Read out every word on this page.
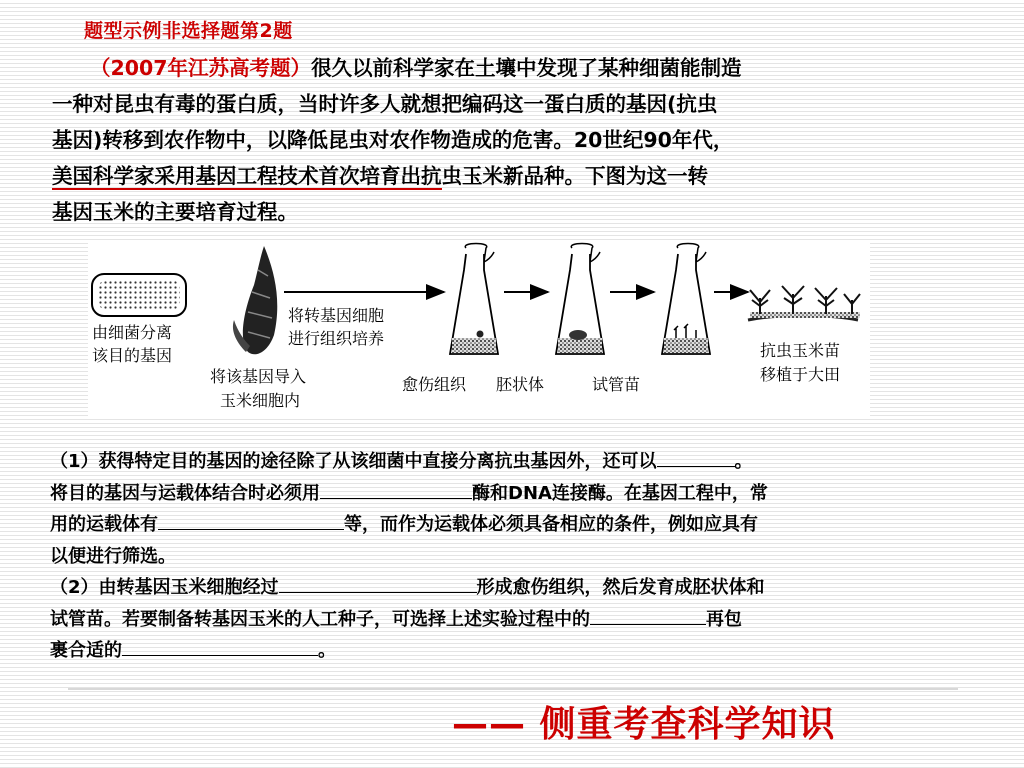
题型示例非选择题第2题

（2007年江苏高考题）很久以前科学家在土壤中发现了某种细菌能制造

一种对昆虫有毒的蛋白质，当时许多人就想把编码这一蛋白质的基因(抗虫

基因)转移到农作物中，以降低昆虫对农作物造成的危害。20世纪90年代，

美国科学家采用基因工程技术首次培育出抗虫玉米新品种。下图为这一转

基因玉米的主要培育过程。

由细菌分离
该目的基因
将该基因导入
玉米细胞内
将转基因细胞
进行组织培养
愈伤组织 胚状体	试管苗
抗虫玉米苗
移植于大田

（1）获得特定目的基因的途径除了从该细菌中直接分离抗虫基因外，还可以	。

将目的基因与运载体结合时必须用	酶和DNA连接酶。在基因工程中，常

用的运载体有	等，而作为运载体必须具备相应的条件，例如应具有

以便进行筛选。

（2）由转基因玉米细胞经过	形成愈伤组织，然后发育成胚状体和

试管苗。若要制备转基因玉米的人工种子，可选择上述实验过程中的	再包

裹合适的	。

—— 侧重考查科学知识
